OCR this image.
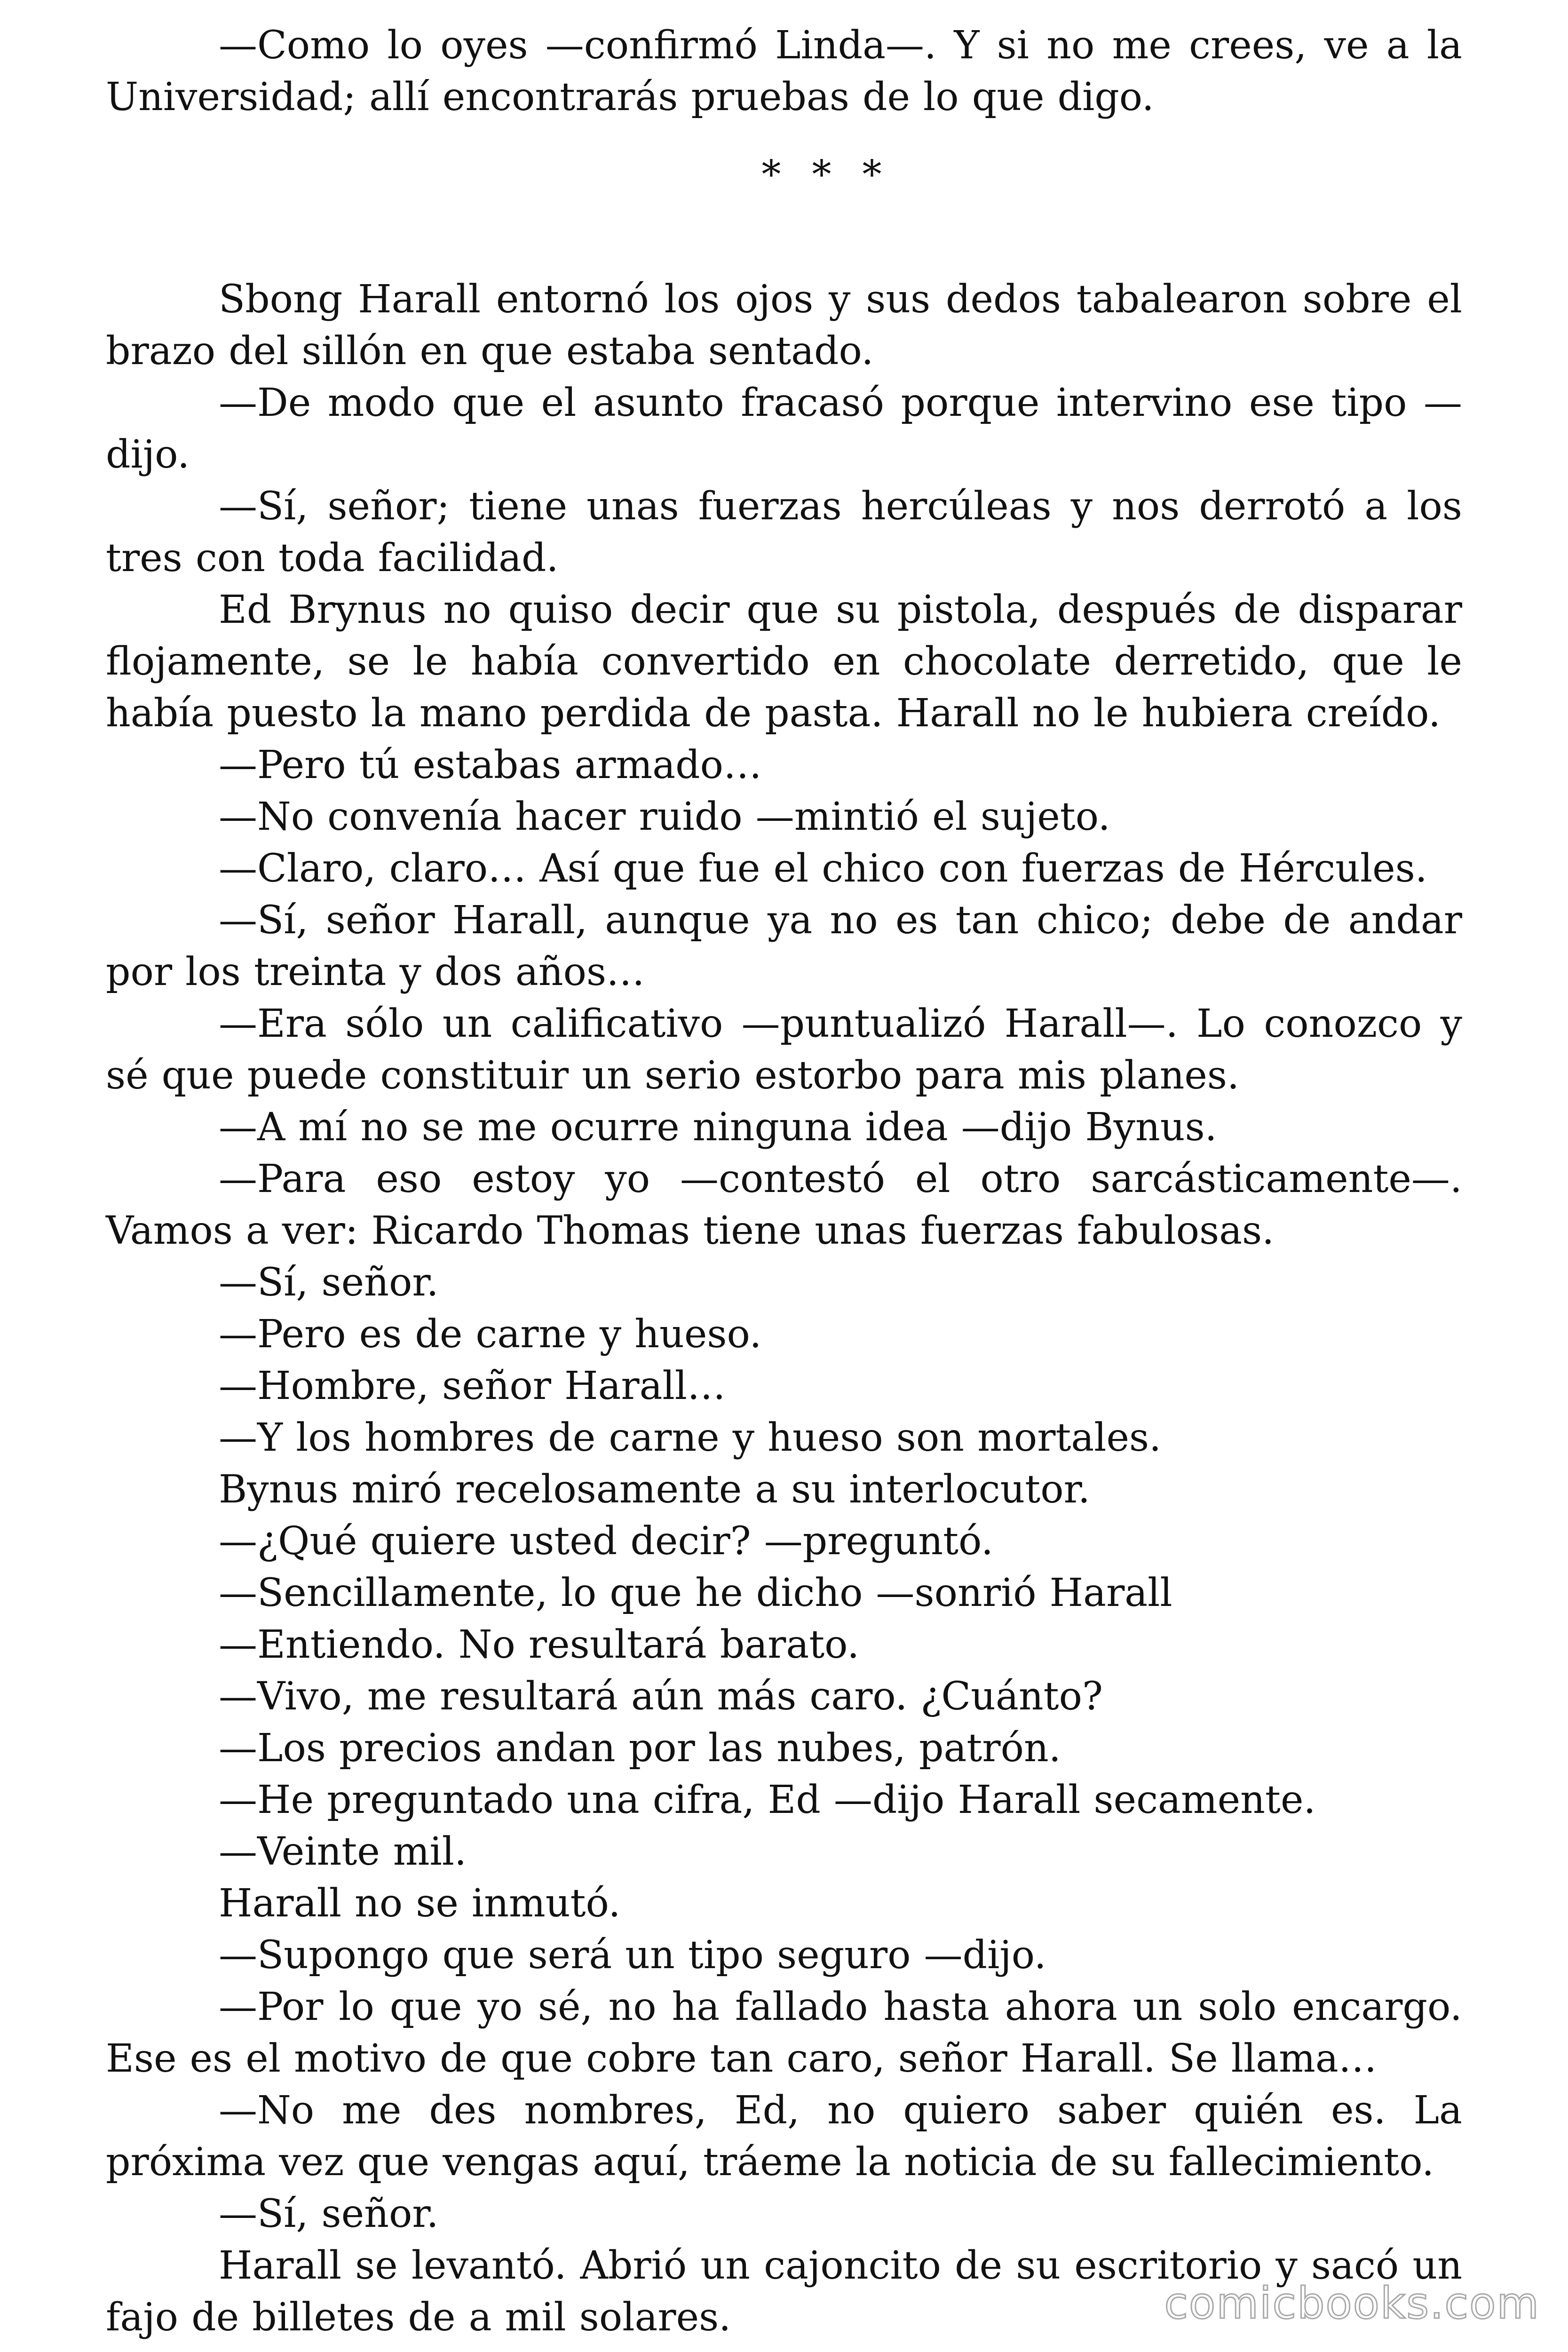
—Como lo oyes —confirmó Linda—. Y si no me crees, ve a la Universidad; allí encontrarás pruebas de lo que digo.

* * *

Sbong Harall entornó los ojos y sus dedos tabalearon sobre el brazo del sillón en que estaba sentado.

—De modo que el asunto fracasó porque intervino ese tipo —dijo.

—Sí, señor; tiene unas fuerzas hercúleas y nos derrotó a los tres con toda facilidad.

Ed Brynus no quiso decir que su pistola, después de disparar flojamente, se le había convertido en chocolate derretido, que le había puesto la mano perdida de pasta. Harall no le hubiera creído.

—Pero tú estabas armado…

—No convenía hacer ruido —mintió el sujeto.

—Claro, claro… Así que fue el chico con fuerzas de Hércules.

—Sí, señor Harall, aunque ya no es tan chico; debe de andar por los treinta y dos años…

—Era sólo un calificativo —puntualizó Harall—. Lo conozco y sé que puede constituir un serio estorbo para mis planes.

—A mí no se me ocurre ninguna idea —dijo Bynus.

—Para eso estoy yo —contestó el otro sarcásticamente—. Vamos a ver: Ricardo Thomas tiene unas fuerzas fabulosas.

—Sí, señor.

—Pero es de carne y hueso.

—Hombre, señor Harall…

—Y los hombres de carne y hueso son mortales.

Bynus miró recelosamente a su interlocutor.

—¿Qué quiere usted decir? —preguntó.

—Sencillamente, lo que he dicho —sonrió Harall

—Entiendo. No resultará barato.

—Vivo, me resultará aún más caro. ¿Cuánto?

—Los precios andan por las nubes, patrón.

—He preguntado una cifra, Ed —dijo Harall secamente.

—Veinte mil.

Harall no se inmutó.

—Supongo que será un tipo seguro —dijo.

—Por lo que yo sé, no ha fallado hasta ahora un solo encargo. Ese es el motivo de que cobre tan caro, señor Harall. Se llama…

—No me des nombres, Ed, no quiero saber quién es. La próxima vez que vengas aquí, tráeme la noticia de su fallecimiento.

—Sí, señor.

Harall se levantó. Abrió un cajoncito de su escritorio y sacó un fajo de billetes de a mil solares.	comicbooks.com
